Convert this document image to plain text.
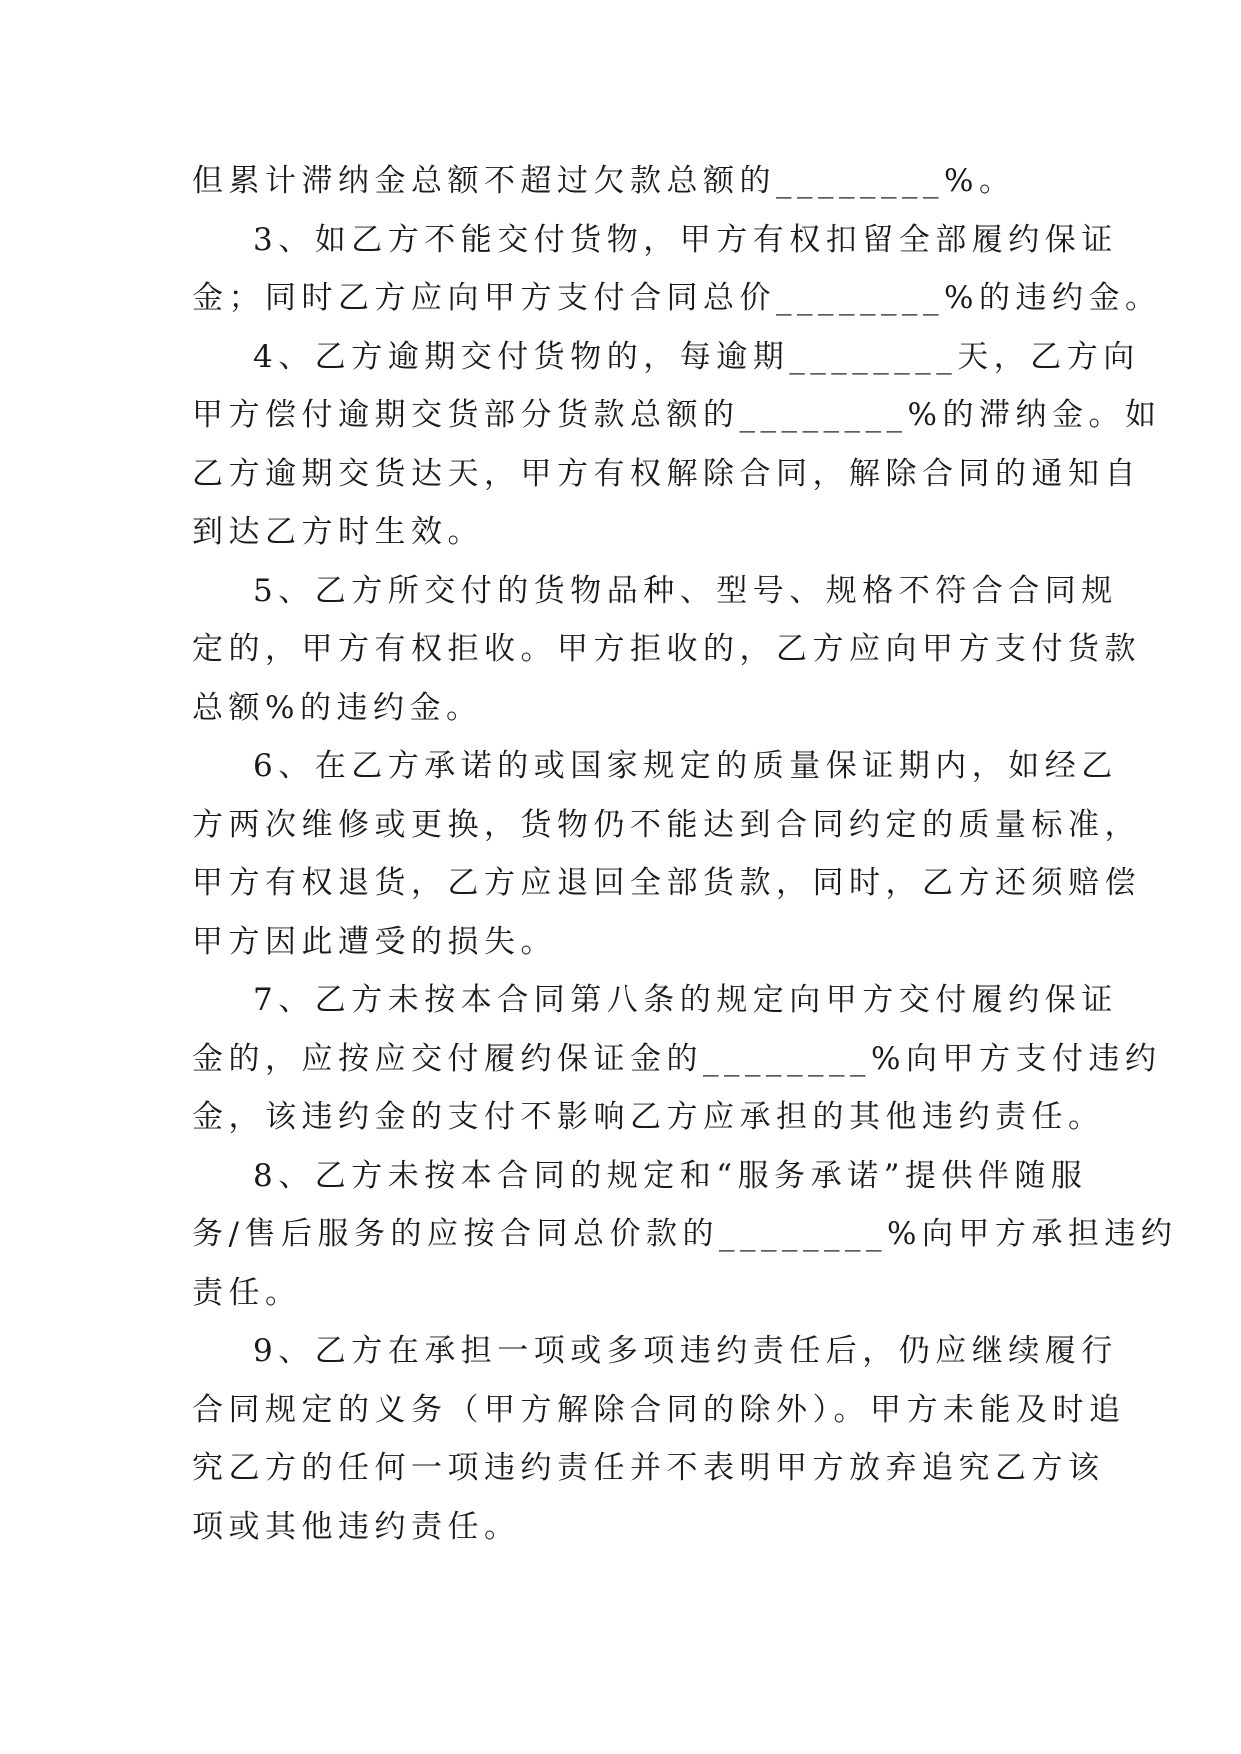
但累计滞纳金总额不超过欠款总额的________%。
3、如乙方不能交付货物，甲方有权扣留全部履约保证
金；同时乙方应向甲方支付合同总价________%的违约金。
4、乙方逾期交付货物的，每逾期________天，乙方向
甲方偿付逾期交货部分货款总额的________%的滞纳金。如
乙方逾期交货达天，甲方有权解除合同，解除合同的通知自
到达乙方时生效。
5、乙方所交付的货物品种、型号、规格不符合合同规
定的，甲方有权拒收。甲方拒收的，乙方应向甲方支付货款
总额%的违约金。
6、在乙方承诺的或国家规定的质量保证期内，如经乙
方两次维修或更换，货物仍不能达到合同约定的质量标准，
甲方有权退货，乙方应退回全部货款，同时，乙方还须赔偿
甲方因此遭受的损失。
7、乙方未按本合同第八条的规定向甲方交付履约保证
金的，应按应交付履约保证金的________%向甲方支付违约
金，该违约金的支付不影响乙方应承担的其他违约责任。
8、乙方未按本合同的规定和“服务承诺”提供伴随服
务/售后服务的应按合同总价款的________%向甲方承担违约
责任。
9、乙方在承担一项或多项违约责任后，仍应继续履行
合同规定的义务（甲方解除合同的除外）。甲方未能及时追
究乙方的任何一项违约责任并不表明甲方放弃追究乙方该
项或其他违约责任。
